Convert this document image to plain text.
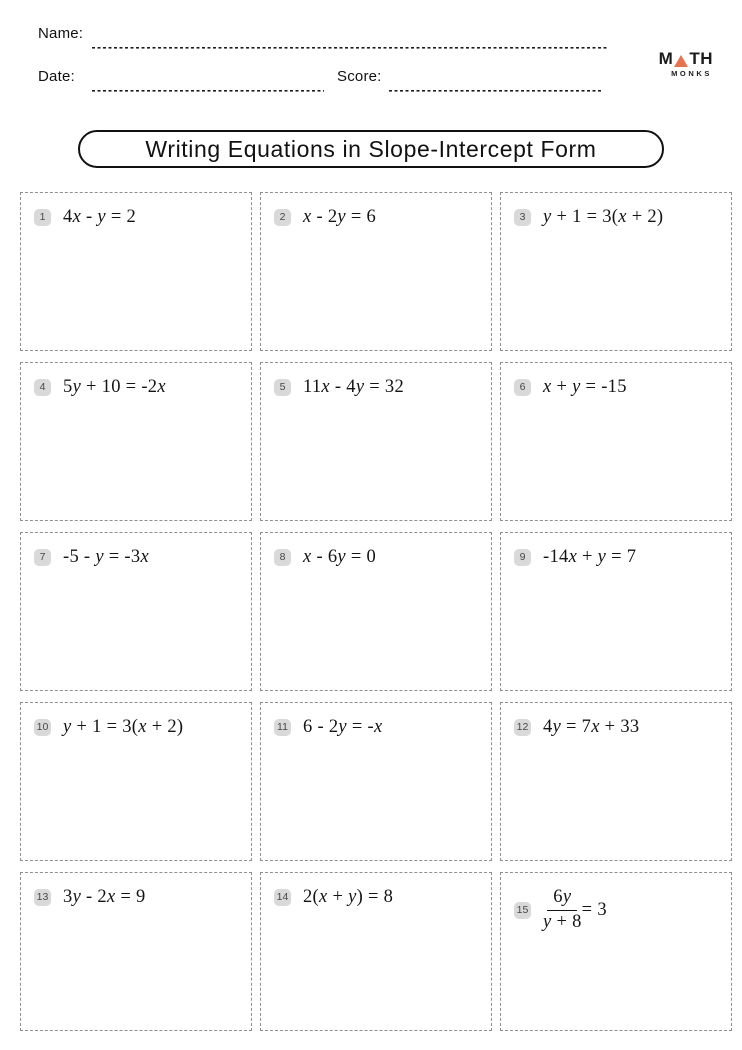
Name:
Date:	Score:
M TH
MONKS
Writing Equations in Slope-Intercept Form
1 4x - y = 2	2 x - 2y = 6	3 y + 1 = 3(x + 2)
4 5y + 10 = -2x	5 11x - 4y = 32	6 x + y = -15
7 -5 - y = -3x	8 x - 6y = 0	9 -14x + y = 7
10 y + 1 = 3(x + 2)	11 6 - 2y = -x	12 4y = 7x + 33
13 3y - 2x = 9	14 2(x + y) = 8
$15 \frac{6y}{y + 8} = 3$
